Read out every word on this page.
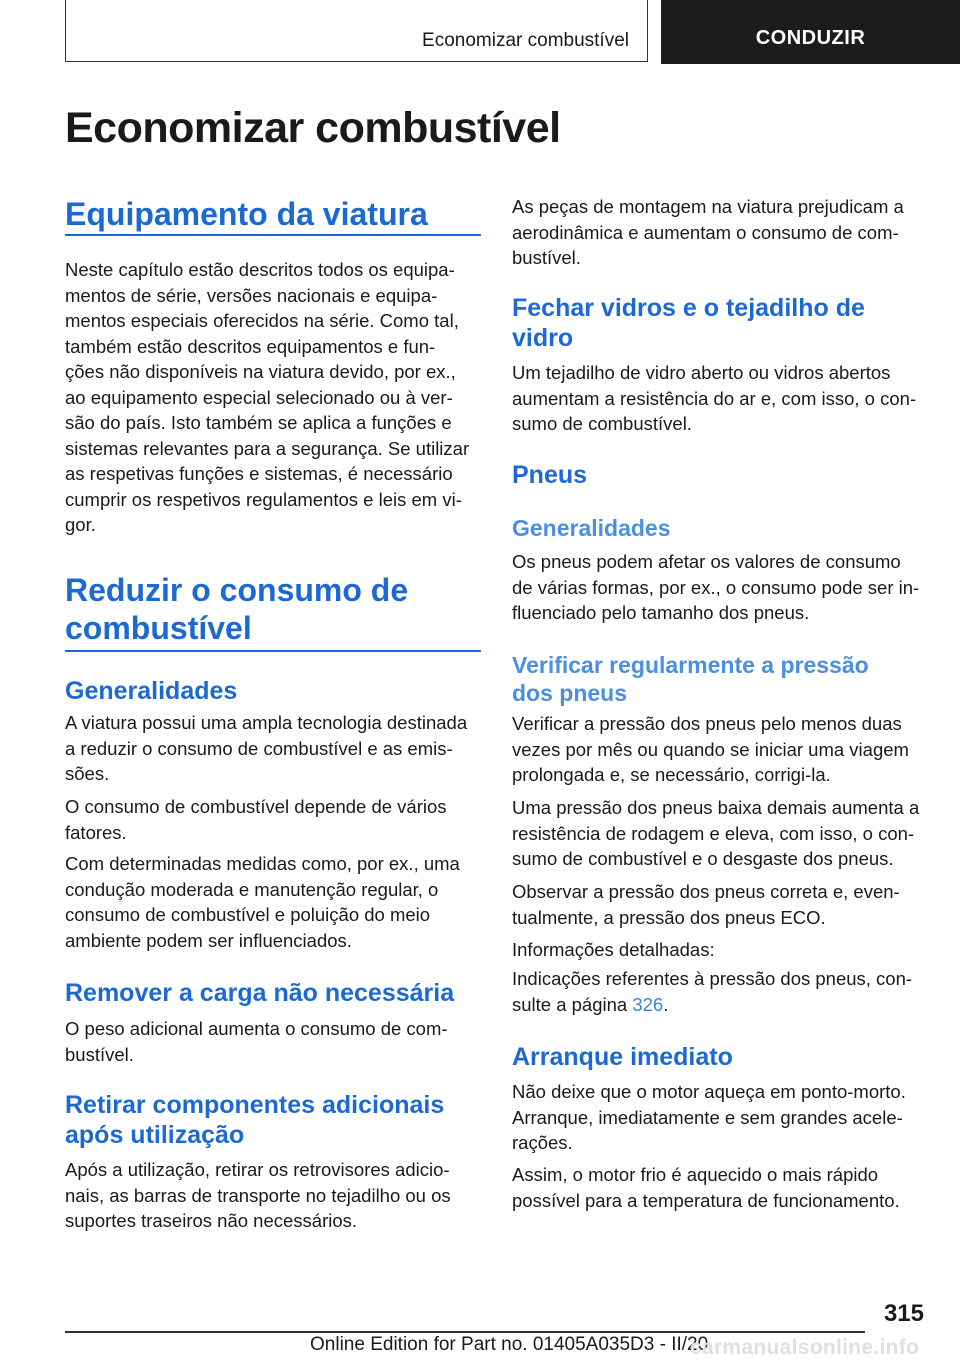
Economizar combustível	CONDUZIR
Economizar combustível
Equipamento da viatura

Neste capítulo estão descritos todos os equipa-
mentos de série, versões nacionais e equipa-
mentos especiais oferecidos na série. Como tal,
também estão descritos equipamentos e fun-
ções não disponíveis na viatura devido, por ex.,
ao equipamento especial selecionado ou à ver-
são do país. Isto também se aplica a funções e
sistemas relevantes para a segurança. Se utilizar
as respetivas funções e sistemas, é necessário
cumprir os respetivos regulamentos e leis em vi-
gor.

Reduzir o consumo de
combustível
Generalidades

A viatura possui uma ampla tecnologia destinada
a reduzir o consumo de combustível e as emis-
sões.

O consumo de combustível depende de vários
fatores.

Com determinadas medidas como, por ex., uma
condução moderada e manutenção regular, o
consumo de combustível e poluição do meio
ambiente podem ser influenciados.

Remover a carga não necessária

O peso adicional aumenta o consumo de com-
bustível.

Retirar componentes adicionais
após utilização

Após a utilização, retirar os retrovisores adicio-
nais, as barras de transporte no tejadilho ou os
suportes traseiros não necessários.

As peças de montagem na viatura prejudicam a
aerodinâmica e aumentam o consumo de com-
bustível.

Fechar vidros e o tejadilho de
vidro

Um tejadilho de vidro aberto ou vidros abertos
aumentam a resistência do ar e, com isso, o con-
sumo de combustível.

Pneus
Generalidades

Os pneus podem afetar os valores de consumo
de várias formas, por ex., o consumo pode ser in-
fluenciado pelo tamanho dos pneus.

Verificar regularmente a pressão
dos pneus

Verificar a pressão dos pneus pelo menos duas
vezes por mês ou quando se iniciar uma viagem
prolongada e, se necessário, corrigi-la.

Uma pressão dos pneus baixa demais aumenta a
resistência de rodagem e eleva, com isso, o con-
sumo de combustível e o desgaste dos pneus.

Observar a pressão dos pneus correta e, even-
tualmente, a pressão dos pneus ECO.

Informações detalhadas:

Indicações referentes à pressão dos pneus, con-
sulte a página 326.

Arranque imediato

Não deixe que o motor aqueça em ponto-morto.
Arranque, imediatamente e sem grandes acele-
rações.

Assim, o motor frio é aquecido o mais rápido
possível para a temperatura de funcionamento.

315
Online Edition for Part no. 01405A035D3 - II/20
carmanualsonline.info
